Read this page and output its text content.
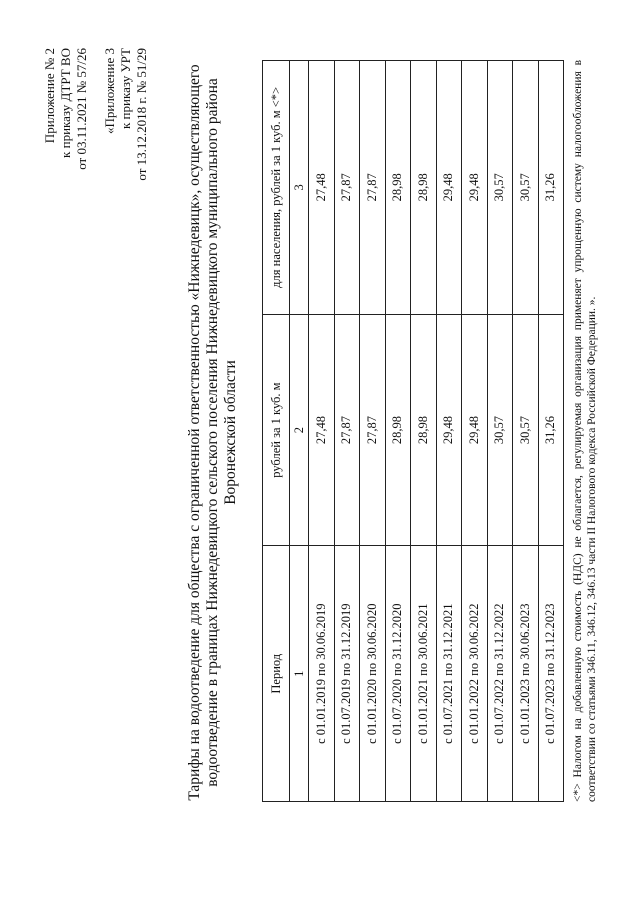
Приложение № 2 к приказу ДТРТ ВО от 03.11.2021 № 57/26 «Приложение 3 к приказу УРТ от 13.12.2018 г. № 51/29 Тарифы на водоотведение для общества с ограниченной ответственностью «Нижнедевицк», осуществляющего водоотведение в границах Нижнедевицкого сельского поселения Нижнедевицкого муниципального района Воронежской области
Период	рублей за 1 куб. м	для населения, рублей за 1 куб. м <*>
1	2	3
с 01.01.2019 по 30.06.2019	27,48	27,48
с 01.07.2019 по 31.12.2019	27,87	27,87
с 01.01.2020 по 30.06.2020	27,87	27,87
с 01.07.2020 по 31.12.2020	28,98	28,98
с 01.01.2021 по 30.06.2021	28,98	28,98
с 01.07.2021 по 31.12.2021	29,48	29,48
с 01.01.2022 по 30.06.2022	29,48	29,48
с 01.07.2022 по 31.12.2022	30,57	30,57
с 01.01.2023 по 30.06.2023	30,57	30,57
с 01.07.2023 по 31.12.2023	31,26	31,26 <*> Налогом на добавленную стоимость (НДС) не облагается, регулируемая организация применяет упрощенную систему налогообложения в соответствии со статьями 346.11, 346.12, 346.13 части II Налогового кодекса Российской Федерации. ».
